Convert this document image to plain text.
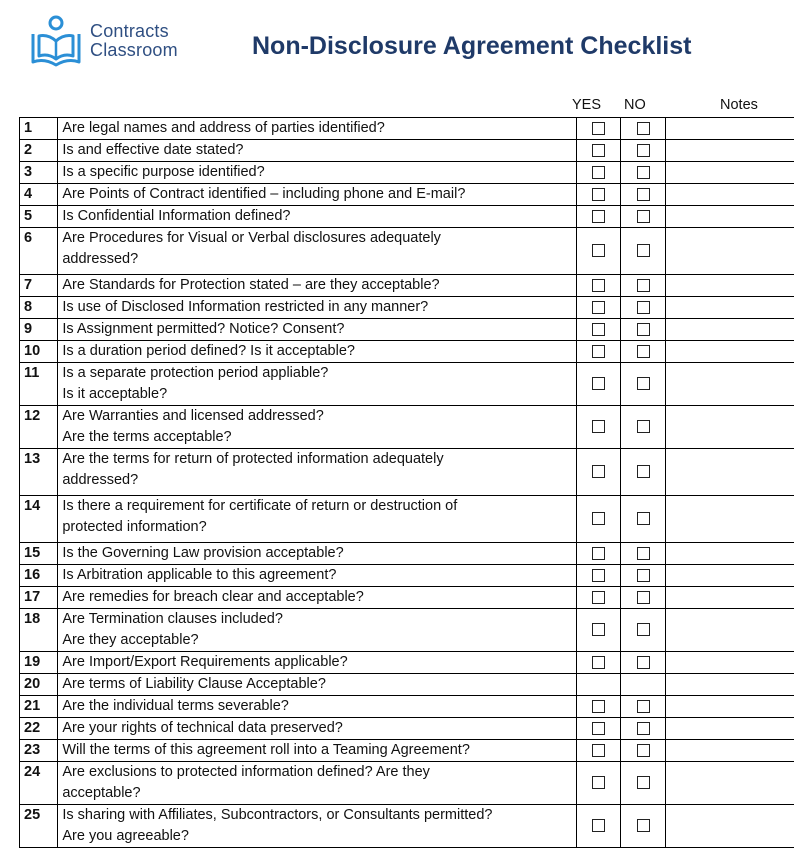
Contracts
Classroom	Non-Disclosure Agreement Checklist
YES NO	Notes
1	Are legal names and address of parties identified?			

2	Is and effective date stated?			

3	Is a specific purpose identified?			

4	Are Points of Contract identified – including phone and E-mail?			

5	Is Confidential Information defined?			

6	Are Procedures for Visual or Verbal disclosures adequately
addressed?			

7	Are Standards for Protection stated – are they acceptable?			

8	Is use of Disclosed Information restricted in any manner?			

9	Is Assignment permitted? Notice? Consent?			

10	Is a duration period defined? Is it acceptable?			

11	Is a separate protection period appliable?
Is it acceptable?			

12	Are Warranties and licensed addressed?
Are the terms acceptable?			

13	Are the terms for return of protected information adequately
addressed?			

14	Is there a requirement for certificate of return or destruction of
protected information?			

15	Is the Governing Law provision acceptable?			

16	Is Arbitration applicable to this agreement?			

17	Are remedies for breach clear and acceptable?			

18	Are Termination clauses included?
Are they acceptable?			

19	Are Import/Export Requirements applicable?			

20	Are terms of Liability Clause Acceptable?			

21	Are the individual terms severable?			

22	Are your rights of technical data preserved?			

23	Will the terms of this agreement roll into a Teaming Agreement?			

24	Are exclusions to protected information defined? Are they
acceptable?			

25	Is sharing with Affiliates, Subcontractors, or Consultants permitted?
Are you agreeable?			
